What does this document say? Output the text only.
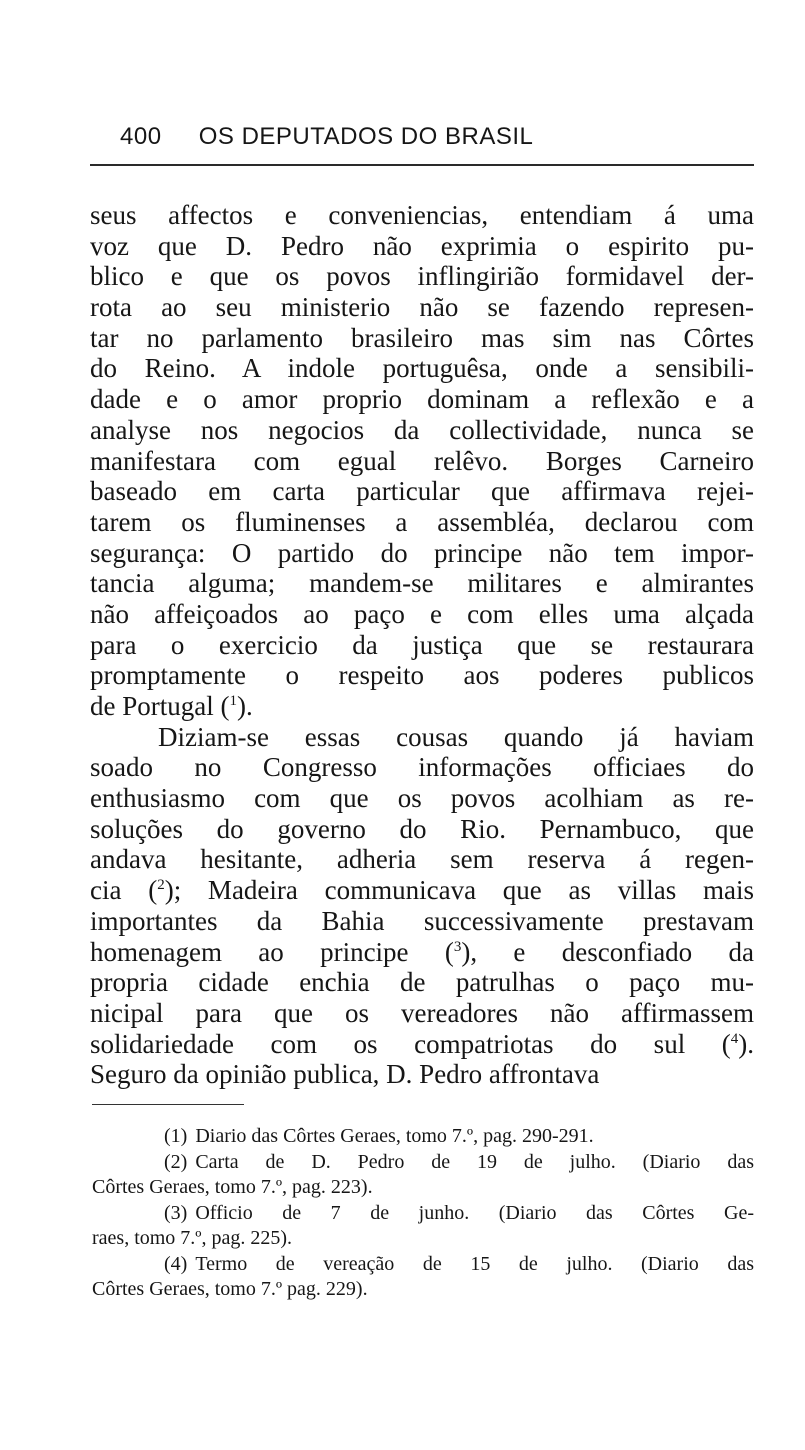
400 OS DEPUTADOS DO BRASIL
seus affectos e conveniencias, entendiam á uma
voz que D. Pedro não exprimia o espirito pu-
blico e que os povos inflingirião formidavel der-
rota ao seu ministerio não se fazendo represen-
tar no parlamento brasileiro mas sim nas Côrtes
do Reino. A indole portuguêsa, onde a sensibili-
dade e o amor proprio dominam a reflexão e a
analyse nos negocios da collectividade, nunca se
manifestara com egual relêvo. Borges Carneiro
baseado em carta particular que affirmava rejei-
tarem os fluminenses a assembléa, declarou com
segurança: O partido do principe não tem impor-
tancia alguma; mandem-se militares e almirantes
não affeiçoados ao paço e com elles uma alçada
para o exercicio da justiça que se restaurara
promptamente o respeito aos poderes publicos
de Portugal ($^1$).
Diziam-se essas cousas quando já haviam
soado no Congresso informações officiaes do
enthusiasmo com que os povos acolhiam as re-
soluções do governo do Rio. Pernambuco, que
andava hesitante, adheria sem reserva á regen-
cia ($^2$); Madeira communicava que as villas mais
importantes da Bahia successivamente prestavam
homenagem ao principe ($^3$), e desconfiado da
propria cidade enchia de patrulhas o paço mu-
nicipal para que os vereadores não affirmassem
solidariedade com os compatriotas do sul ($^4$).
Seguro da opinião publica, D. Pedro affrontava
(1) Diario das Côrtes Geraes, tomo 7.º, pag. 290-291.
(2) Carta de D. Pedro de 19 de julho. (Diario das
Côrtes Geraes, tomo 7.º, pag. 223).
(3) Officio de 7 de junho. (Diario das Côrtes Ge-
raes, tomo 7.º, pag. 225).
(4) Termo de vereação de 15 de julho. (Diario das
Côrtes Geraes, tomo 7.º pag. 229).
